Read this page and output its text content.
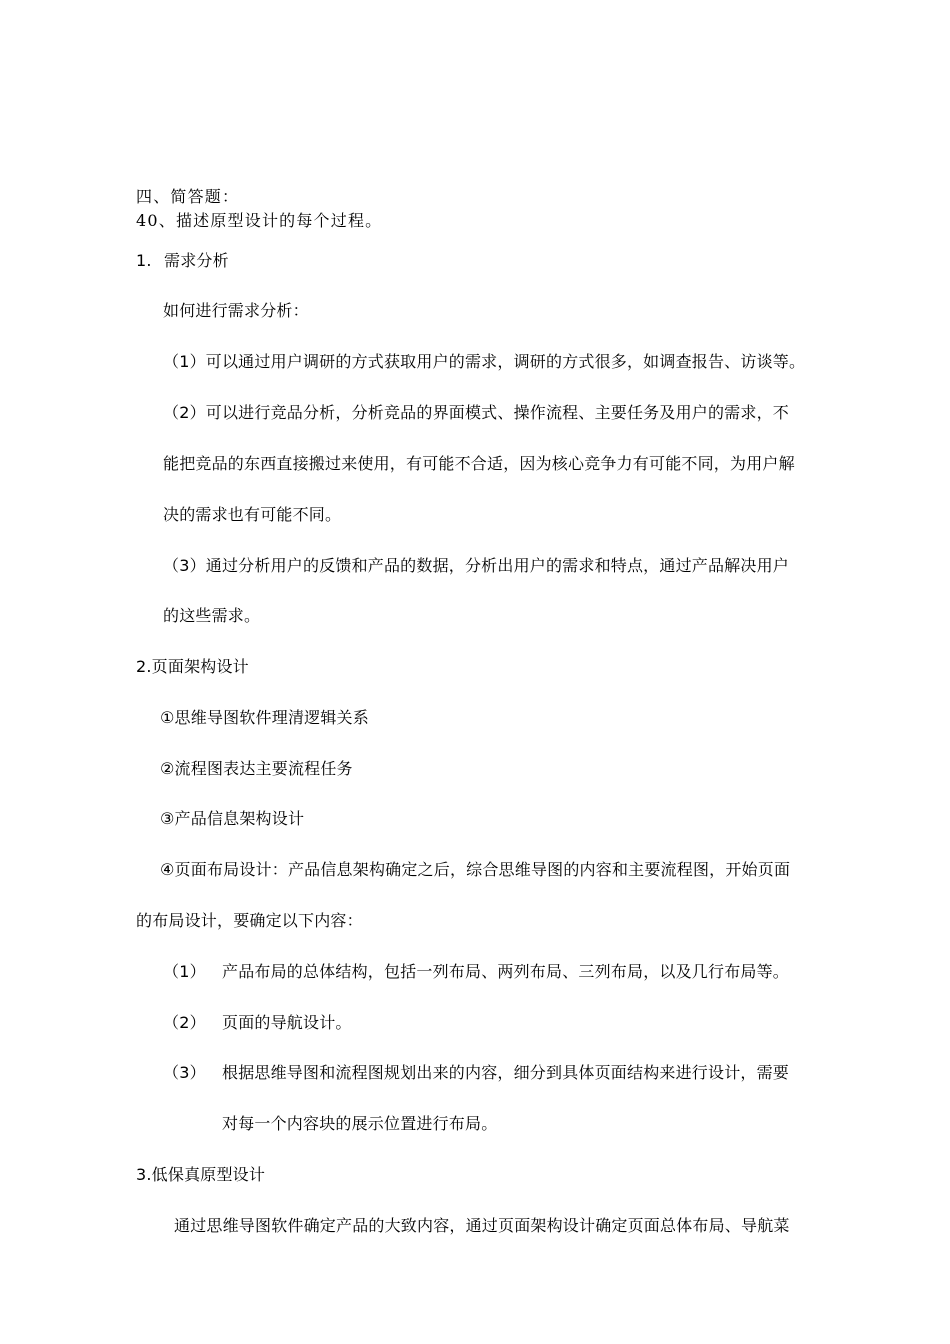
四、简答题：
40、描述原型设计的每个过程。
1. 需求分析
如何进行需求分析：
（1）可以通过用户调研的方式获取用户的需求，调研的方式很多，如调查报告、访谈等。
（2）可以进行竞品分析，分析竞品的界面模式、操作流程、主要任务及用户的需求，不
能把竞品的东西直接搬过来使用，有可能不合适，因为核心竞争力有可能不同，为用户解
决的需求也有可能不同。
（3）通过分析用户的反馈和产品的数据，分析出用户的需求和特点，通过产品解决用户
的这些需求。
2.页面架构设计
①思维导图软件理清逻辑关系
②流程图表达主要流程任务
③产品信息架构设计
④页面布局设计：产品信息架构确定之后，综合思维导图的内容和主要流程图，开始页面
的布局设计，要确定以下内容：
（1） 产品布局的总体结构，包括一列布局、两列布局、三列布局，以及几行布局等。
（2） 页面的导航设计。
（3） 根据思维导图和流程图规划出来的内容，细分到具体页面结构来进行设计，需要
对每一个内容块的展示位置进行布局。
3.低保真原型设计
通过思维导图软件确定产品的大致内容，通过页面架构设计确定页面总体布局、导航菜
